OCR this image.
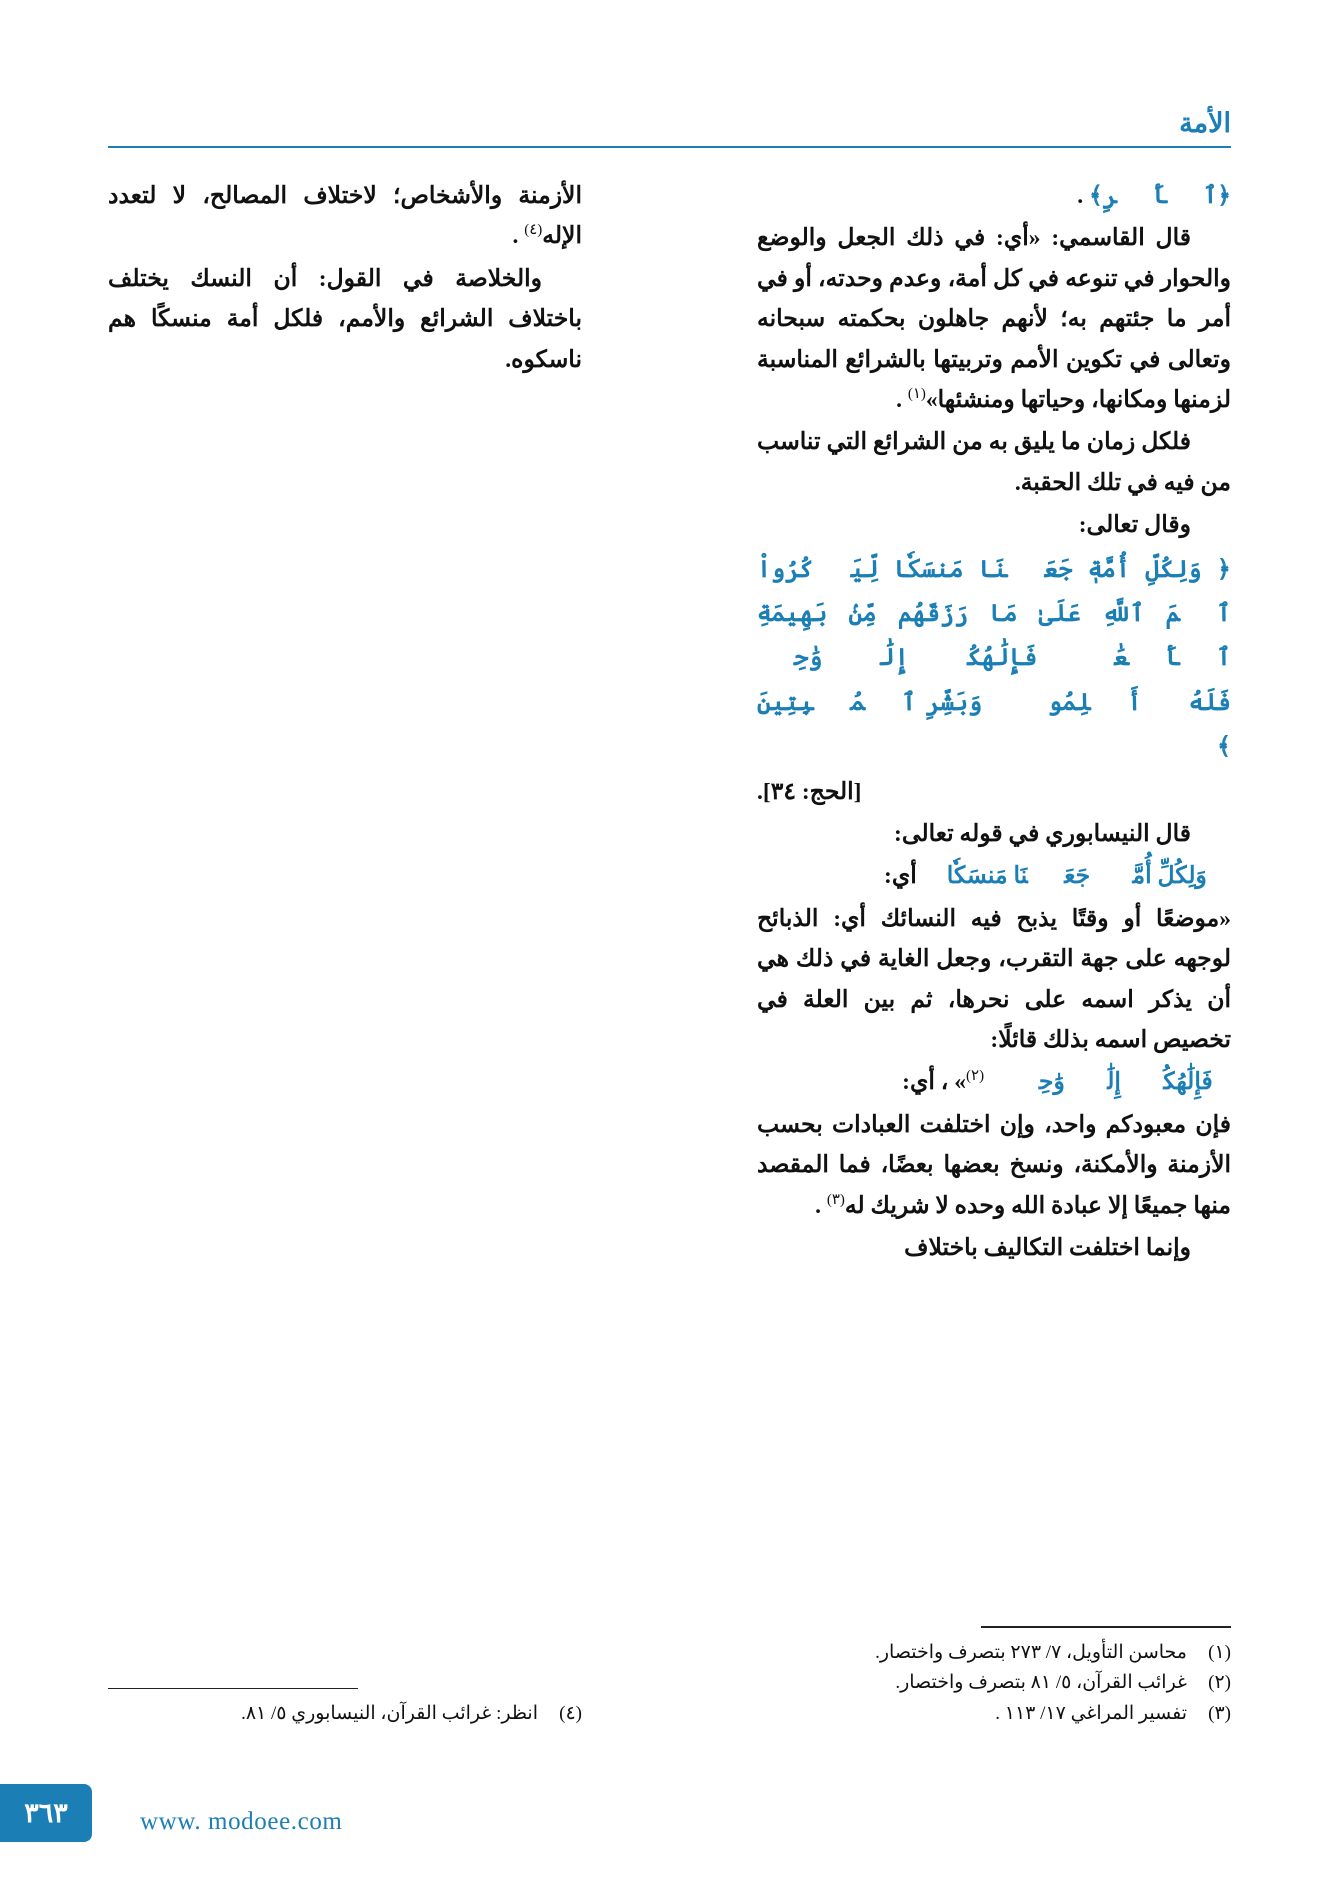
الأمة

﴿ٱلۡأَمۡرِ﴾ .

قال القاسمي: «أي: في ذلك الجعل والوضع والحوار في تنوعه في كل أمة، وعدم وحدته، أو في أمر ما جئتهم به؛ لأنهم جاهلون بحكمته سبحانه وتعالى في تكوين الأمم وتربيتها بالشرائع المناسبة لزمنها ومكانها، وحياتها ومنشئها»$^{(١)}$ .

فلكل زمان ما يليق به من الشرائع التي تناسب من فيه في تلك الحقبة.

وقال تعالى:

﴿ وَلِكُلِّ أُمَّةٖ جَعَلۡنَا مَنسَكٗا لِّيَذۡكُرُواْ ٱسۡمَ ٱللَّهِ عَلَىٰ مَا رَزَقَهُم مِّنۢ بَهِيمَةِ ٱلۡأَنۡعَٰمِۗ فَإِلَٰهُكُمۡ إِلَٰهٞ وَٰحِدٞ فَلَهُۥٓ أَسۡلِمُواْۗ وَبَشِّرِ ٱلۡمُخۡبِتِينَ ﴾

[الحج: ٣٤].

قال النيسابوري في قوله تعالى:

﴿ وَلِكُلِّ أُمَّةٖ جَعَلۡنَا مَنسَكٗا ﴾ أي:

«موضعًا أو وقتًا يذبح فيه النسائك أي: الذبائح لوجهه على جهة التقرب، وجعل الغاية في ذلك هي أن يذكر اسمه على نحرها، ثم بين العلة في تخصيص اسمه بذلك قائلًا:

﴿فَإِلَٰهُكُمۡ إِلَٰهٞ وَٰحِدٞ﴾$^{(٢)}$» ، أي:

فإن معبودكم واحد، وإن اختلفت العبادات بحسب الأزمنة والأمكنة، ونسخ بعضها بعضًا، فما المقصد منها جميعًا إلا عبادة الله وحده لا شريك له$^{(٣)}$ .

وإنما اختلفت التكاليف باختلاف

الأزمنة والأشخاص؛ لاختلاف المصالح، لا لتعدد الإله$^{(٤)}$ .

والخلاصة في القول: أن النسك يختلف باختلاف الشرائع والأمم، فلكل أمة منسكًا هم ناسكوه.

(١)
محاسن التأويل، ٧/ ٢٧٣ بتصرف واختصار.
(٢)
غرائب القرآن، ٥/ ٨١ بتصرف واختصار.
(٣)
تفسير المراغي ١٧/ ١١٣ .
(٤)
انظر: غرائب القرآن، النيسابوري ٥/ ٨١.
٣٦٣	www. modoee.com
